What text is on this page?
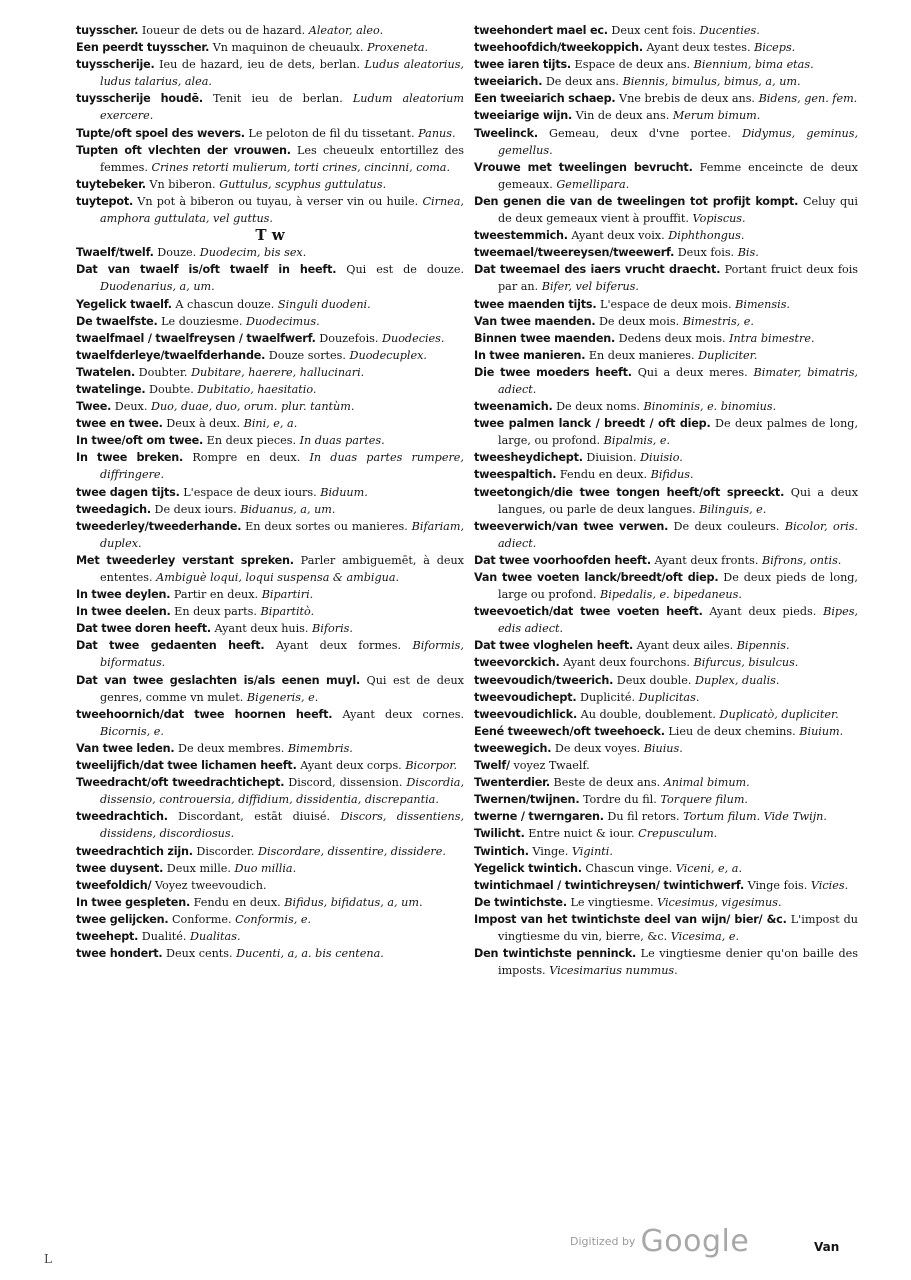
tuysscher. Ioueur de dets ou de hazard. Aleator, aleo.

Een peerdt tuysscher. Vn maquinon de cheuaulx. Proxeneta.

tuysscherije. Ieu de hazard, ieu de dets, berlan. Ludus aleatorius, ludus talarius, alea.

tuysscherije houdē. Tenit ieu de berlan. Ludum aleatorium exercere.

Tupte/oft spoel des wevers. Le peloton de fil du tissetant. Panus.

Tupten oft vlechten der vrouwen. Les cheueulx entortillez des femmes. Crines retorti mulierum, torti crines, cincinni, coma.

tuytebeker. Vn biberon. Guttulus, scyphus guttulatus.

tuytepot. Vn pot à biberon ou tuyau, à verser vin ou huile. Cirnea, amphora guttulata, vel guttus.

T w

Twaelf/twelf. Douze. Duodecim, bis sex.

Dat van twaelf is/oft twaelf in heeft. Qui est de douze. Duodenarius, a, um.

Yegelick twaelf. A chascun douze. Singuli duodeni.

De twaelfste. Le douziesme. Duodecimus.

twaelfmael / twaelfreysen / twaelfwerf. Douzefois. Duodecies.

twaelfderleye/twaelfderhande. Douze sortes. Duodecuplex.

Twatelen. Doubter. Dubitare, haerere, hallucinari.

twatelinge. Doubte. Dubitatio, haesitatio.

Twee. Deux. Duo, duae, duo, orum. plur. tantùm.

twee en twee. Deux à deux. Bini, e, a.

In twee/oft om twee. En deux pieces. In duas partes.

In twee breken. Rompre en deux. In duas partes rumpere, diffringere.

twee dagen tijts. L'espace de deux iours. Biduum.

tweedagich. De deux iours. Biduanus, a, um.

tweederley/tweederhande. En deux sortes ou manieres. Bifariam, duplex.

Met tweederley verstant spreken. Parler ambiguemēt, à deux ententes. Ambiguè loqui, loqui suspensa & ambigua.

In twee deylen. Partir en deux. Bipartiri.

In twee deelen. En deux parts. Bipartitò.

Dat twee doren heeft. Ayant deux huis. Biforis.

Dat twee gedaenten heeft. Ayant deux formes. Biformis, biformatus.

Dat van twee geslachten is/als eenen muyl. Qui est de deux genres, comme vn mulet. Bigeneris, e.

tweehoornich/dat twee hoornen heeft. Ayant deux cornes. Bicornis, e.

Van twee leden. De deux membres. Bimembris.

tweelijfich/dat twee lichamen heeft. Ayant deux corps. Bicorpor.

Tweedracht/oft tweedrachtichept. Discord, dissension. Discordia, dissensio, controuersia, diffidium, dissidentia, discrepantia.

tweedrachtich. Discordant, estāt diuisé. Discors, dissentiens, dissidens, discordiosus.

tweedrachtich zijn. Discorder. Discordare, dissentire, dissidere.

twee duysent. Deux mille. Duo millia.

tweefoldich/ Voyez tweevoudich.

In twee gespleten. Fendu en deux. Bifidus, bifidatus, a, um.

twee gelijcken. Conforme. Conformis, e.

tweehept. Dualité. Dualitas.

twee hondert. Deux cents. Ducenti, a, a. bis centena.

tweehondert mael ec. Deux cent fois. Ducenties.

tweehoofdich/tweekoppich. Ayant deux testes. Biceps.

twee iaren tijts. Espace de deux ans. Biennium, bima etas.

tweeiarich. De deux ans. Biennis, bimulus, bimus, a, um.

Een tweeiarich schaep. Vne brebis de deux ans. Bidens, gen. fem.

tweeiarige wijn. Vin de deux ans. Merum bimum.

Tweelinck. Gemeau, deux d'vne portee. Didymus, geminus, gemellus.

Vrouwe met tweelingen bevrucht. Femme enceincte de deux gemeaux. Gemellipara.

Den genen die van de tweelingen tot profijt kompt. Celuy qui de deux gemeaux vient à prouffit. Vopiscus.

tweestemmich. Ayant deux voix. Diphthongus.

tweemael/tweereysen/tweewerf. Deux fois. Bis.

Dat tweemael des iaers vrucht draecht. Portant fruict deux fois par an. Bifer, vel biferus.

twee maenden tijts. L'espace de deux mois. Bimensis.

Van twee maenden. De deux mois. Bimestris, e.

Binnen twee maenden. Dedens deux mois. Intra bimestre.

In twee manieren. En deux manieres. Dupliciter.

Die twee moeders heeft. Qui a deux meres. Bimater, bimatris, adiect.

tweenamich. De deux noms. Binominis, e. binomius.

twee palmen lanck / breedt / oft diep. De deux palmes de long, large, ou profond. Bipalmis, e.

tweesheydichept. Diuision. Diuisio.

tweespaltich. Fendu en deux. Bifidus.

tweetongich/die twee tongen heeft/oft spreeckt. Qui a deux langues, ou parle de deux langues. Bilinguis, e.

tweeverwich/van twee verwen. De deux couleurs. Bicolor, oris. adiect.

Dat twee voorhoofden heeft. Ayant deux fronts. Bifrons, ontis.

Van twee voeten lanck/breedt/oft diep. De deux pieds de long, large ou profond. Bipedalis, e. bipedaneus.

tweevoetich/dat twee voeten heeft. Ayant deux pieds. Bipes, edis adiect.

Dat twee vloghelen heeft. Ayant deux ailes. Bipennis.

tweevorckich. Ayant deux fourchons. Bifurcus, bisulcus.

tweevoudich/tweerich. Deux double. Duplex, dualis.

tweevoudichept. Duplicité. Duplicitas.

tweevoudichlick. Au double, doublement. Duplicatò, dupliciter.

Eené tweewech/oft tweehoeck. Lieu de deux chemins. Biuium.

tweewegich. De deux voyes. Biuius.

Twelf/ voyez Twaelf.

Twenterdier. Beste de deux ans. Animal bimum.

Twernen/twijnen. Tordre du fil. Torquere filum.

twerne / twerngaren. Du fil retors. Tortum filum. Vide Twijn.

Twilicht. Entre nuict & iour. Crepusculum.

Twintich. Vinge. Viginti.

Yegelick twintich. Chascun vinge. Viceni, e, a.

twintichmael / twintichreysen/ twintichwerf. Vinge fois. Vicies.

De twintichste. Le vingtiesme. Vicesimus, vigesimus.

Impost van het twintichste deel van wijn/ bier/ &c. L'impost du vingtiesme du vin, bierre, &c. Vicesima, e.

Den twintichste penninck. Le vingtiesme denier qu'on baille des imposts. Vicesimarius nummus.

Van
L
Digitized by Google
